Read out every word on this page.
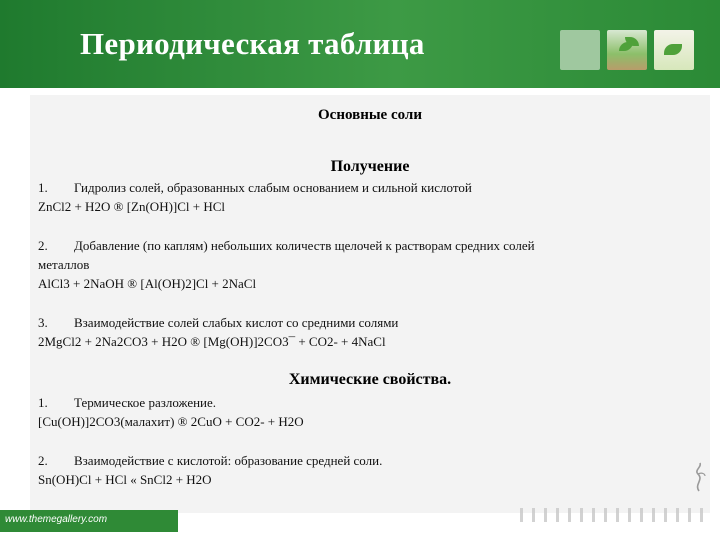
Периодическая таблица
Основные соли
Получение
1. Гидролиз солей, образованных слабым основанием и сильной кислотой
ZnCl2 + H2O ® [Zn(OH)]Cl + HCl
2. Добавление (по каплям) небольших количеств щелочей к растворам средних солей
металлов
AlCl3 + 2NaOH ® [Al(OH)2]Cl + 2NaCl
3. Взаимодействие солей слабых кислот со средними солями
2MgCl2 + 2Na2CO3 + H2O ® [Mg(OH)]2CO3¯ + CO2- + 4NaCl
Химические свойства.
1. Термическое разложение.
[Cu(OH)]2CO3(малахит) ® 2CuO + CO2- + H2O
2. Взаимодействие с кислотой: образование средней соли.
Sn(OH)Cl + HCl « SnCl2 + H2O
www.themegallery.com
